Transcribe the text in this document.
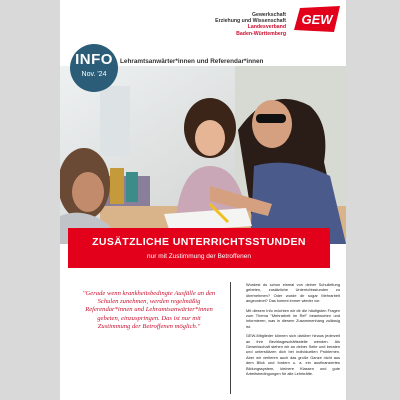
Gewerkschaft
Erziehung und Wissenschaft
Landesverband
Baden-Württemberg
GEW
INFO
Nov. '24
Lehramtsanwärter*innen und Referendar*innen
ZUSÄTZLICHE UNTERRICHTSSTUNDEN
nur mit Zustimmung der Betroffenen
"Gerade wenn krankheitsbedingte Ausfälle an den Schulen zunehmen, werden regelmäßig Referendar*innen und Lehramtsanwärter*innen gebeten, einzuspringen. Das ist nur mit Zustimmung der Betroffenen möglich."

Wurdest du schon einmal von deiner Schulleitung gebeten, zusätzliche Unterrichtsstunden zu übernehmen? Oder wurde dir sogar Mehrarbeit angeordnet? Das kommt immer wieder vor.

Mit diesem Info möchten wir dir die häufigsten Fragen zum Thema "Mehrarbeit im Ref" beantworten und informieren, was in diesem Zusammenhang zulässig ist.

GEW-Mitglieder können sich darüber hinaus jederzeit an ihre Bezirksgeschäftsstelle wenden. Als Gewerkschaft stehen wir an deiner Seite und beraten und unterstützen dich bei individuellen Problemen. Aber wir verlieren auch das große Ganze nicht aus dem Blick und fordern u. a. ein ausfinanziertes Bildungssystem, kleinere Klassen und gute Arbeitsbedingungen für alle Lehrkräfte.
